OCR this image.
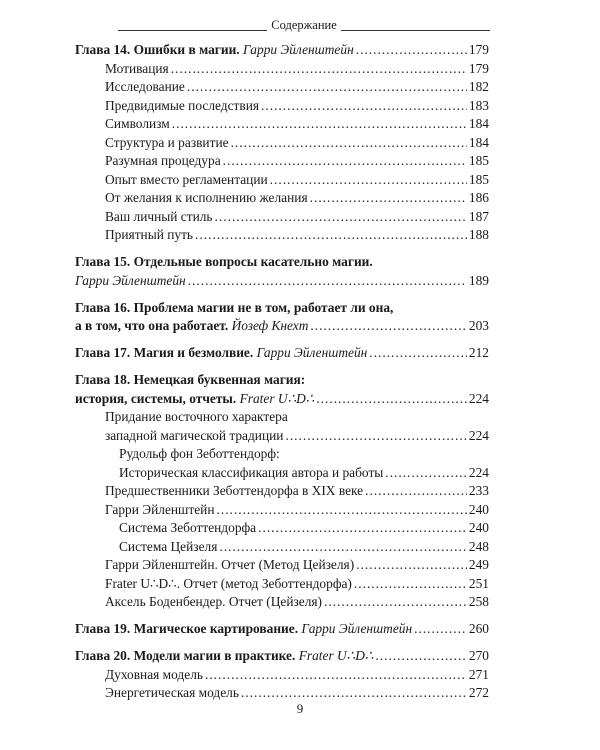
Содержание
Глава 14. Ошибки в магии. Гарри Эйленштейн .....	179
Мотивация .....	179
Исследование .....	182
Предвидимые последствия .....	183
Символизм .....	184
Структура и развитие .....	184
Разумная процедура .....	185
Опыт вместо регламентации .....	185
От желания к исполнению желания .....	186
Ваш личный стиль .....	187
Приятный путь .....	188
Глава 15. Отдельные вопросы касательно магии.
Гарри Эйленштейн .....	189
Глава 16. Проблема магии не в том, работает ли она,
а в том, что она работает. Йозеф Кнехт .....	203
Глава 17. Магия и безмолвие. Гарри Эйленштейн .....	212
Глава 18. Немецкая буквенная магия:
история, системы, отчеты. Frater U∴D∴ .....	224
Придание восточного характера
западной магической традиции .....	224
Рудольф фон Зеботтендорф:
Историческая классификация автора и работы .....	224
Предшественники Зеботтендорфа в XIX веке .....	233
Гарри Эйленштейн .....	240
Система Зеботтендорфа .....	240
Система Цейзеля .....	248
Гарри Эйленштейн. Отчет (Метод Цейзеля) .....	249
Frater U∴D∴. Отчет (метод Зеботтендорфа) .....	251
Аксель Боденбендер. Отчет (Цейзеля) .....	258
Глава 19. Магическое картирование. Гарри Эйленштейн .....	260
Глава 20. Модели магии в практике. Frater U∴D∴ .....	270
Духовная модель .....	271
Энергетическая модель .....	272
9
